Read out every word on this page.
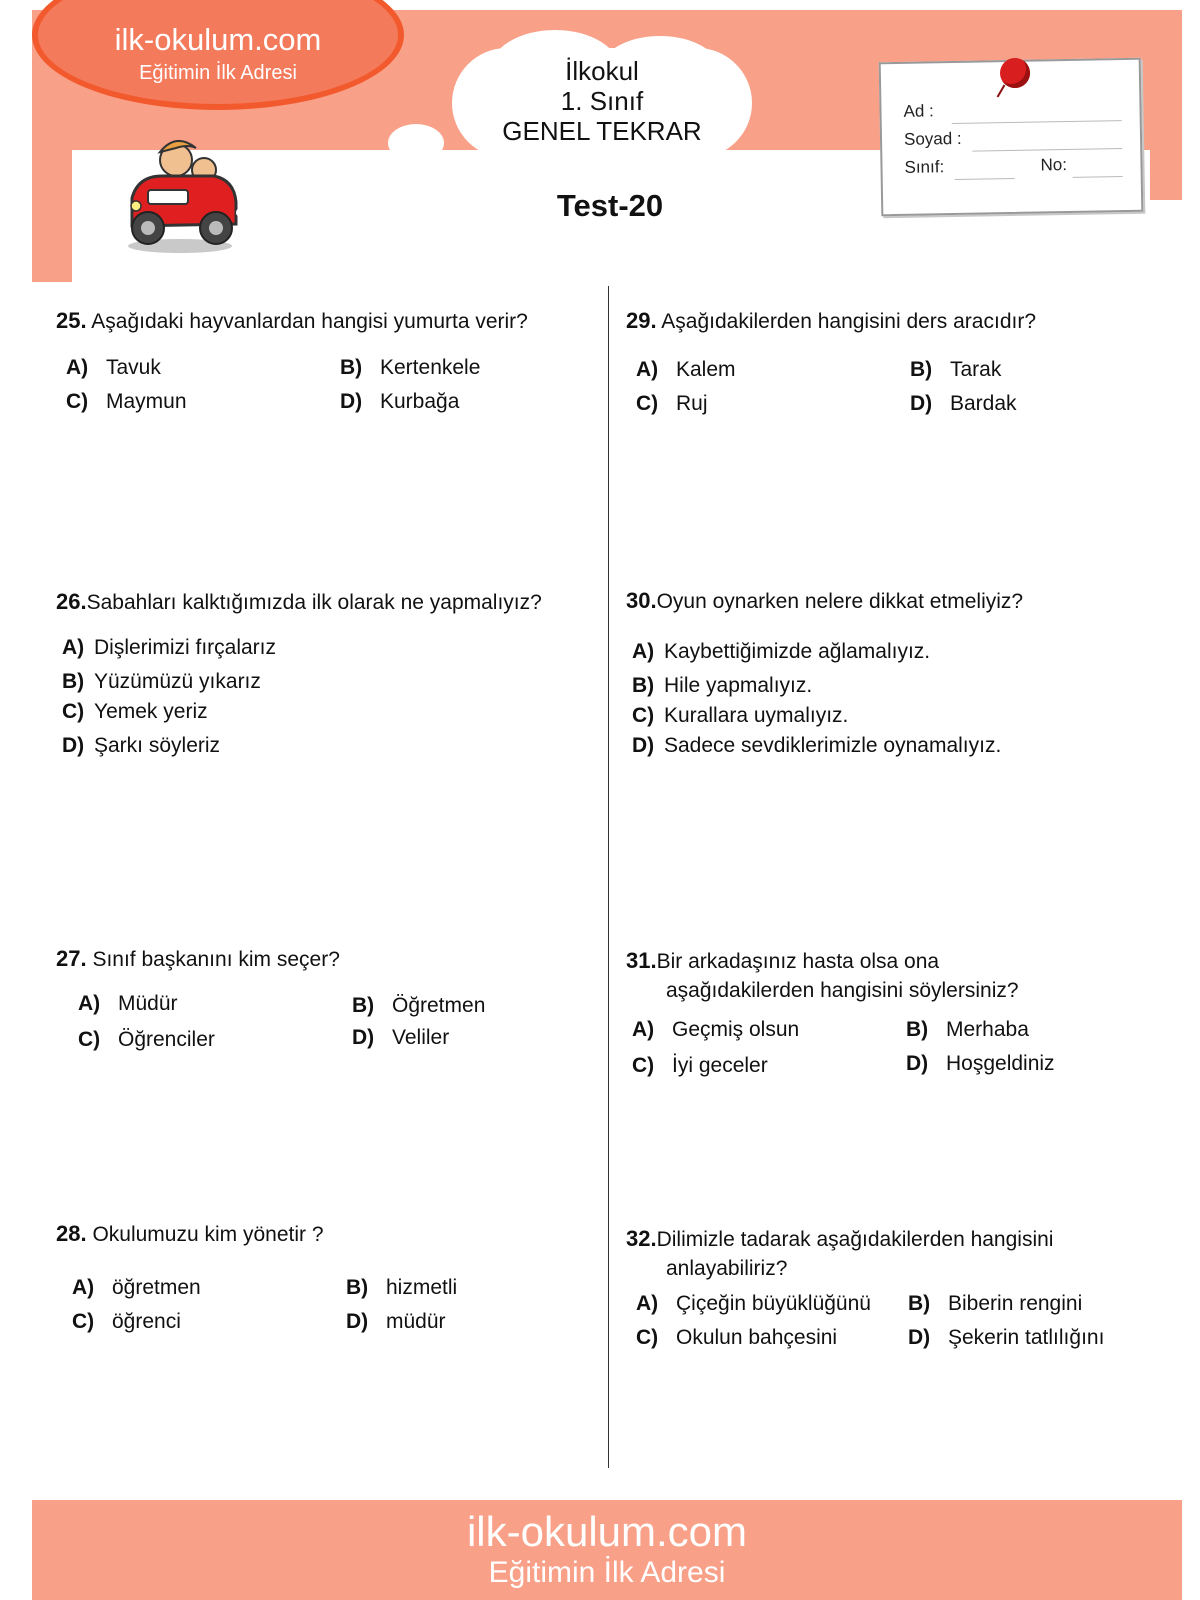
ilk-okulum.com
Eğitimin İlk Adresi	İlkokul
1. Sınıf
GENEL TEKRAR
Test-20
Ad :
Soyad :
Sınıf:	No:
25. Aşağıdaki hayvanlardan hangisi yumurta verir?
A) Tavuk	B) Kertenkele
C) Maymun	D) Kurbağa
26.Sabahları kalktığımızda ilk olarak ne yapmalıyız?
A) Dişlerimizi fırçalarız
B) Yüzümüzü yıkarız
C) Yemek yeriz
D) Şarkı söyleriz
27. Sınıf başkanını kim seçer?
A) Müdür	B) Öğretmen
C) Öğrenciler	D) Veliler
28. Okulumuzu kim yönetir ?
A) öğretmen	B) hizmetli
C) öğrenci	D) müdür
29. Aşağıdakilerden hangisini ders aracıdır?
A) Kalem	B) Tarak
C) Ruj	D) Bardak
30.Oyun oynarken nelere dikkat etmeliyiz?
A) Kaybettiğimizde ağlamalıyız.
B) Hile yapmalıyız.
C) Kurallara uymalıyız.
D) Sadece sevdiklerimizle oynamalıyız.
31.Bir arkadaşınız hasta olsa ona
aşağıdakilerden hangisini söylersiniz?
A) Geçmiş olsun	B) Merhaba
C) İyi geceler	D) Hoşgeldiniz
32.Dilimizle tadarak aşağıdakilerden hangisini
anlayabiliriz?
A) Çiçeğin büyüklüğünü B) Biberin rengini
C) Okulun bahçesini	D) Şekerin tatlılığını
ilk-okulum.com
Eğitimin İlk Adresi
